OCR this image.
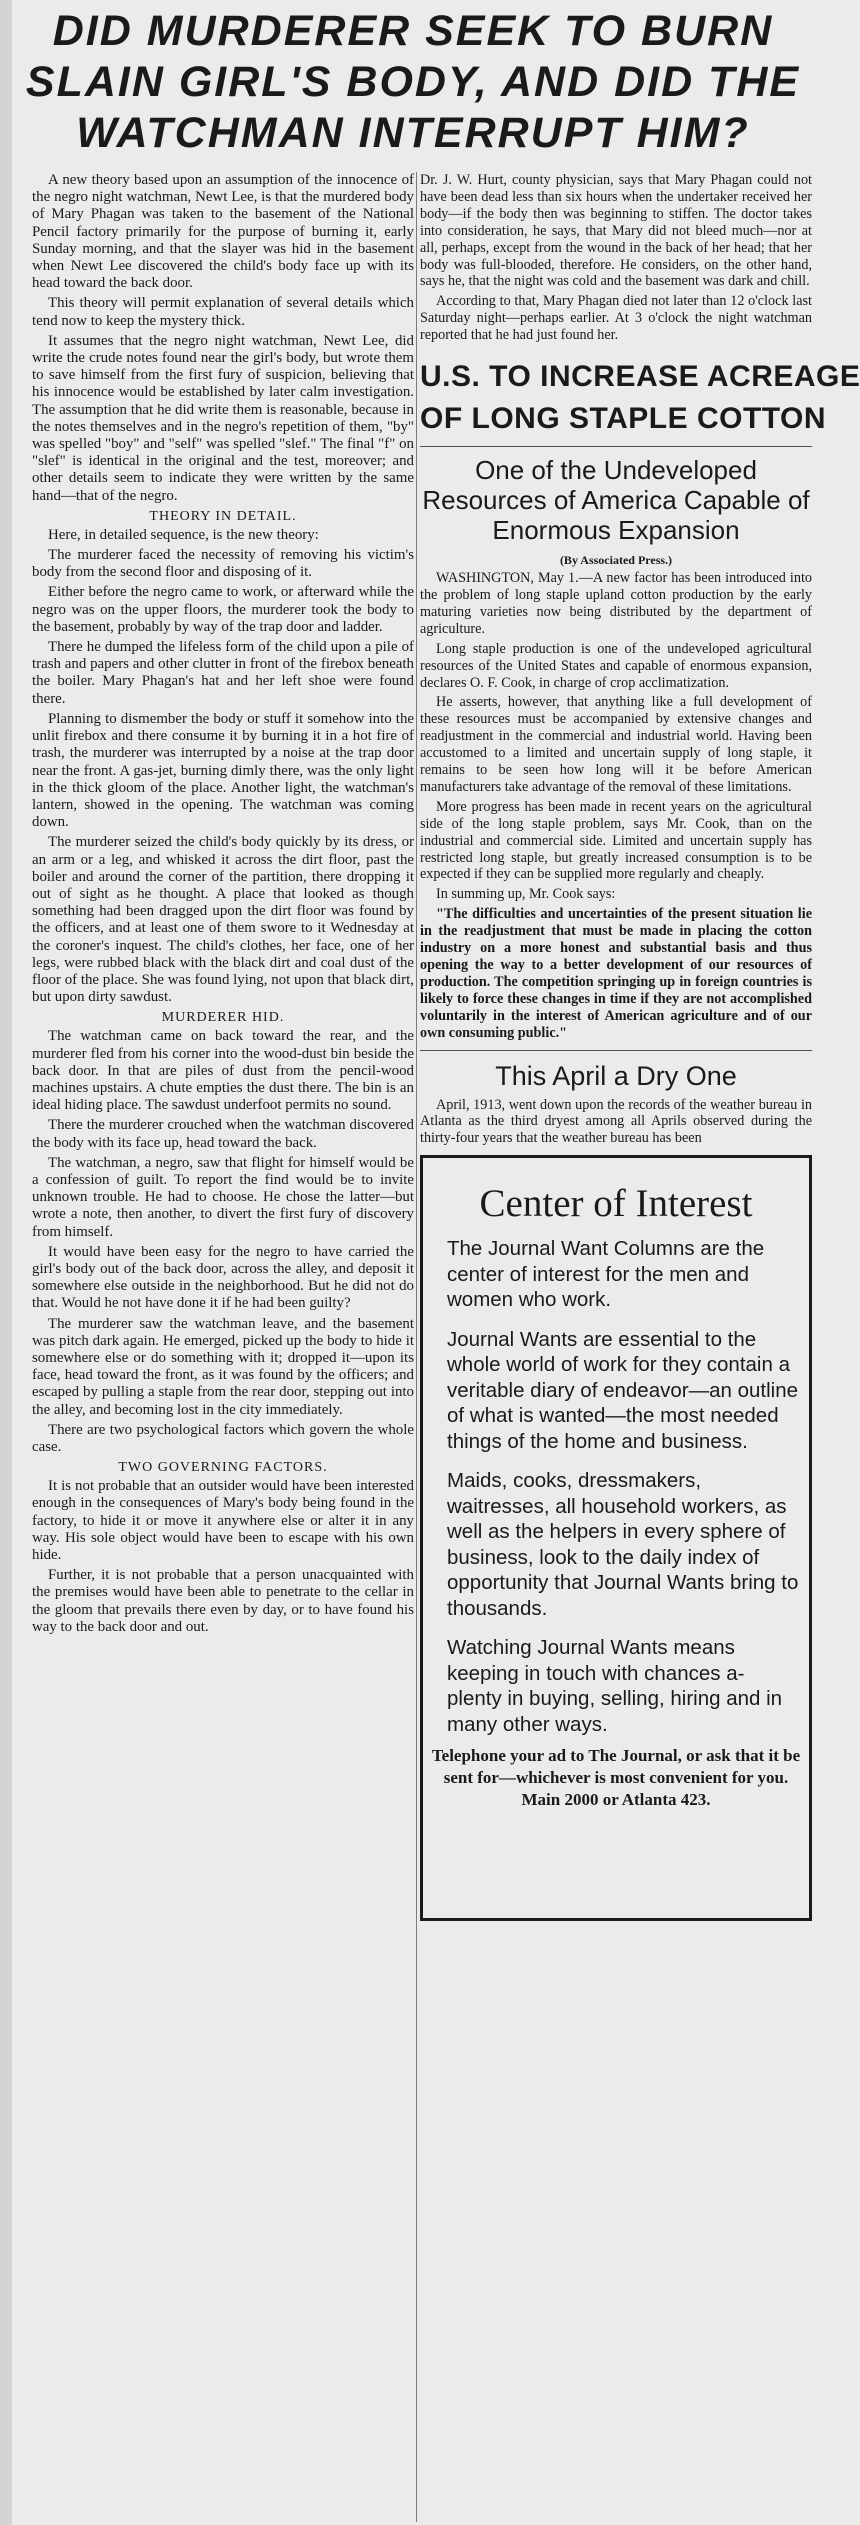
DID MURDERER SEEK TO BURN
SLAIN GIRL'S BODY, AND DID THE
WATCHMAN INTERRUPT HIM?

A new theory based upon an assumption of the innocence of the negro night watchman, Newt Lee, is that the murdered body of Mary Phagan was taken to the basement of the National Pencil factory primarily for the purpose of burning it, early Sunday morning, and that the slayer was hid in the basement when Newt Lee discovered the child's body face up with its head toward the back door.

This theory will permit explanation of several details which tend now to keep the mystery thick.

It assumes that the negro night watchman, Newt Lee, did write the crude notes found near the girl's body, but wrote them to save himself from the first fury of suspicion, believing that his innocence would be established by later calm investigation. The assumption that he did write them is reasonable, because in the notes themselves and in the negro's repetition of them, "by" was spelled "boy" and "self" was spelled "slef." The final "f" on "slef" is identical in the original and the test, moreover; and other details seem to indicate they were written by the same hand—that of the negro.

THEORY IN DETAIL.

Here, in detailed sequence, is the new theory:

The murderer faced the necessity of removing his victim's body from the second floor and disposing of it.

Either before the negro came to work, or afterward while the negro was on the upper floors, the murderer took the body to the basement, probably by way of the trap door and ladder.

There he dumped the lifeless form of the child upon a pile of trash and papers and other clutter in front of the firebox beneath the boiler. Mary Phagan's hat and her left shoe were found there.

Planning to dismember the body or stuff it somehow into the unlit firebox and there consume it by burning it in a hot fire of trash, the murderer was interrupted by a noise at the trap door near the front. A gas-jet, burning dimly there, was the only light in the thick gloom of the place. Another light, the watchman's lantern, showed in the opening. The watchman was coming down.

The murderer seized the child's body quickly by its dress, or an arm or a leg, and whisked it across the dirt floor, past the boiler and around the corner of the partition, there dropping it out of sight as he thought. A place that looked as though something had been dragged upon the dirt floor was found by the officers, and at least one of them swore to it Wednesday at the coroner's inquest. The child's clothes, her face, one of her legs, were rubbed black with the black dirt and coal dust of the floor of the place. She was found lying, not upon that black dirt, but upon dirty sawdust.

MURDERER HID.

The watchman came on back toward the rear, and the murderer fled from his corner into the wood-dust bin beside the back door. In that are piles of dust from the pencil-wood machines upstairs. A chute empties the dust there. The bin is an ideal hiding place. The sawdust underfoot permits no sound.

There the murderer crouched when the watchman discovered the body with its face up, head toward the back.

The watchman, a negro, saw that flight for himself would be a confession of guilt. To report the find would be to invite unknown trouble. He had to choose. He chose the latter—but wrote a note, then another, to divert the first fury of discovery from himself.

It would have been easy for the negro to have carried the girl's body out of the back door, across the alley, and deposit it somewhere else outside in the neighborhood. But he did not do that. Would he not have done it if he had been guilty?

The murderer saw the watchman leave, and the basement was pitch dark again. He emerged, picked up the body to hide it somewhere else or do something with it; dropped it—upon its face, head toward the front, as it was found by the officers; and escaped by pulling a staple from the rear door, stepping out into the alley, and becoming lost in the city immediately.

There are two psychological factors which govern the whole case.

TWO GOVERNING FACTORS.

It is not probable that an outsider would have been interested enough in the consequences of Mary's body being found in the factory, to hide it or move it anywhere else or alter it in any way. His sole object would have been to escape with his own hide.

Further, it is not probable that a person unacquainted with the premises would have been able to penetrate to the cellar in the gloom that prevails there even by day, or to have found his way to the back door and out.

Dr. J. W. Hurt, county physician, says that Mary Phagan could not have been dead less than six hours when the undertaker received her body—if the body then was beginning to stiffen. The doctor takes into consideration, he says, that Mary did not bleed much—nor at all, perhaps, except from the wound in the back of her head; that her body was full-blooded, therefore. He considers, on the other hand, says he, that the night was cold and the basement was dark and chill.

According to that, Mary Phagan died not later than 12 o'clock last Saturday night—perhaps earlier. At 3 o'clock the night watchman reported that he had just found her.

U.S. TO INCREASE ACREAGE
OF LONG STAPLE COTTON
One of the Undeveloped Resources of America Capable of Enormous Expansion
(By Associated Press.)

WASHINGTON, May 1.—A new factor has been introduced into the problem of long staple upland cotton production by the early maturing varieties now being distributed by the department of agriculture.

Long staple production is one of the undeveloped agricultural resources of the United States and capable of enormous expansion, declares O. F. Cook, in charge of crop acclimatization.

He asserts, however, that anything like a full development of these resources must be accompanied by extensive changes and readjustment in the commercial and industrial world. Having been accustomed to a limited and uncertain supply of long staple, it remains to be seen how long will it be before American manufacturers take advantage of the removal of these limitations.

More progress has been made in recent years on the agricultural side of the long staple problem, says Mr. Cook, than on the industrial and commercial side. Limited and uncertain supply has restricted long staple, but greatly increased consumption is to be expected if they can be supplied more regularly and cheaply.

In summing up, Mr. Cook says:

"The difficulties and uncertainties of the present situation lie in the readjustment that must be made in placing the cotton industry on a more honest and substantial basis and thus opening the way to a better development of our resources of production. The competition springing up in foreign countries is likely to force these changes in time if they are not accomplished voluntarily in the interest of American agriculture and of our own consuming public."

This April a Dry One

April, 1913, went down upon the records of the weather bureau in Atlanta as the third dryest among all Aprils observed during the thirty-four years that the weather bureau has been

Center of Interest
The Journal Want Columns are the center of interest for the men and women who work.
Journal Wants are essential to the whole world of work for they contain a veritable diary of endeavor—an outline of what is wanted—the most needed things of the home and business.
Maids, cooks, dressmakers, waitresses, all household workers, as well as the helpers in every sphere of business, look to the daily index of opportunity that Journal Wants bring to thousands.
Watching Journal Wants means keeping in touch with chances a-plenty in buying, selling, hiring and in many other ways.
Telephone your ad to The Journal, or ask that it be sent for—whichever is most convenient for you. Main 2000 or Atlanta 423.
